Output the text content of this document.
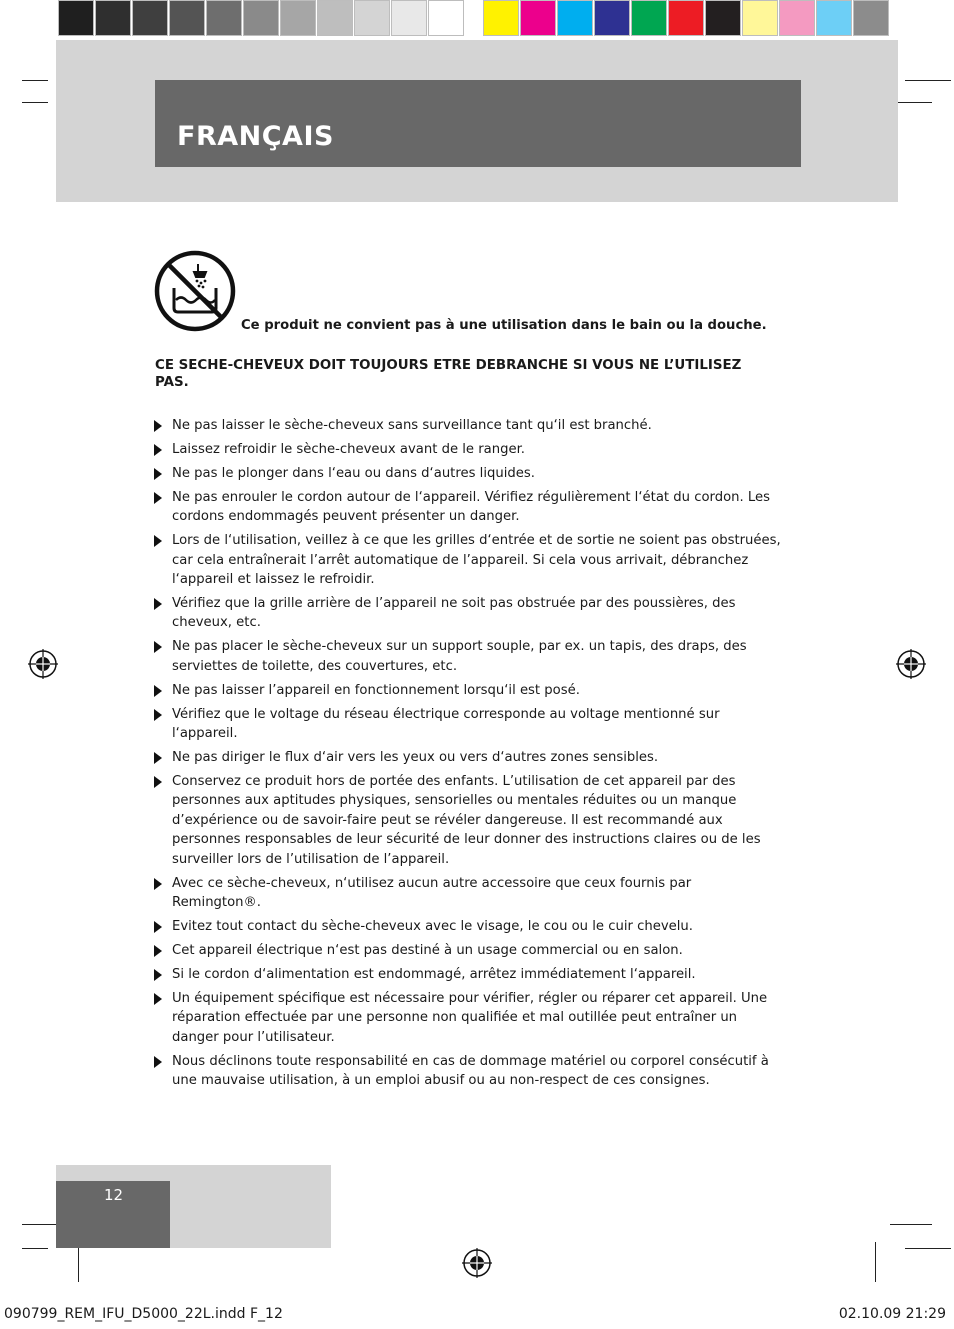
FRANÇAIS
Ce produit ne convient pas à une utilisation dans le bain ou la douche.
CE SECHE-CHEVEUX DOIT TOUJOURS ETRE DEBRANCHE SI VOUS NE L’UTILISEZ PAS.
Ne pas laisser le sèche-cheveux sans surveillance tant qu‘il est branché.
Laissez refroidir le sèche-cheveux avant de le ranger.
Ne pas le plonger dans l‘eau ou dans d‘autres liquides.
Ne pas enrouler le cordon autour de l‘appareil. Vérifiez régulièrement l‘état du cordon. Les cordons endommagés peuvent présenter un danger.
Lors de l‘utilisation, veillez à ce que les grilles d‘entrée et de sortie ne soient pas obstruées, car cela entraînerait l’arrêt automatique de l’appareil. Si cela vous arrivait, débranchez l‘appareil et laissez le refroidir.
Vérifiez que la grille arrière de l’appareil ne soit pas obstruée par des poussières, des cheveux, etc.
Ne pas placer le sèche-cheveux sur un support souple, par ex. un tapis, des draps, des serviettes de toilette, des couvertures, etc.
Ne pas laisser l’appareil en fonctionnement lorsqu‘il est posé.
Vérifiez que le voltage du réseau électrique corresponde au voltage mentionné sur l‘appareil.
Ne pas diriger le flux d‘air vers les yeux ou vers d‘autres zones sensibles.
Conservez ce produit hors de portée des enfants. L’utilisation de cet appareil par des personnes aux aptitudes physiques, sensorielles ou mentales réduites ou un manque d’expérience ou de savoir-faire peut se révéler dangereuse. Il est recommandé aux personnes responsables de leur sécurité de leur donner des instructions claires ou de les surveiller lors de l’utilisation de l’appareil.
Avec ce sèche-cheveux, n‘utilisez aucun autre accessoire que ceux fournis par Remington®.
Evitez tout contact du sèche-cheveux avec le visage, le cou ou le cuir chevelu.
Cet appareil électrique n‘est pas destiné à un usage commercial ou en salon.
Si le cordon d‘alimentation est endommagé, arrêtez immédiatement l‘appareil.
Un équipement spécifique est nécessaire pour vérifier, régler ou réparer cet appareil. Une réparation effectuée par une personne non qualifiée et mal outillée peut entraîner un danger pour l’utilisateur.
Nous déclinons toute responsabilité en cas de dommage matériel ou corporel consécutif à une mauvaise utilisation, à un emploi abusif ou au non-respect de ces consignes.
12
090799_REM_IFU_D5000_22L.indd F_12	02.10.09 21:29
